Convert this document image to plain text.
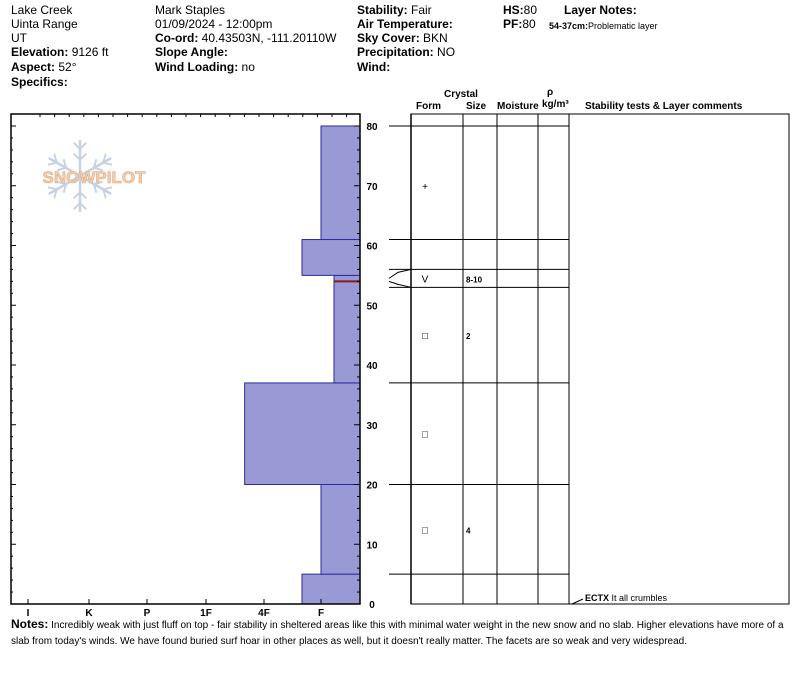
Lake Creek
Uinta Range
UT
Elevation: 9126 ft
Aspect: 52°
Specifics:
Mark Staples
01/09/2024 - 12:00pm
Co-ord: 40.43503N, -111.20110W
Slope Angle:
Wind Loading: no
Stability: Fair
Air Temperature:
Sky Cover: BKN
Precipitation: NO
Wind:
HS:80
PF:80
Layer Notes:
54-37cm:Problematic layer
Crystal
Form	Size Moisture
ρ
kg/m³ Stability tests & Layer comments
SNOWPILOT
I	K	P	1F	4F	F
0
10
20
30
40
50
60
70
80
+
V	8-10
□	2
□
□	4
ECTX It all crumbles
Notes: Incredibly weak with just fluff on top - fair stability in sheltered areas like this with minimal water weight in the new snow and no slab. Higher elevations have more of a slab from today's winds. We have found buried surf hoar in other places as well, but it doesn't really matter. The facets are so weak and very widespread.
